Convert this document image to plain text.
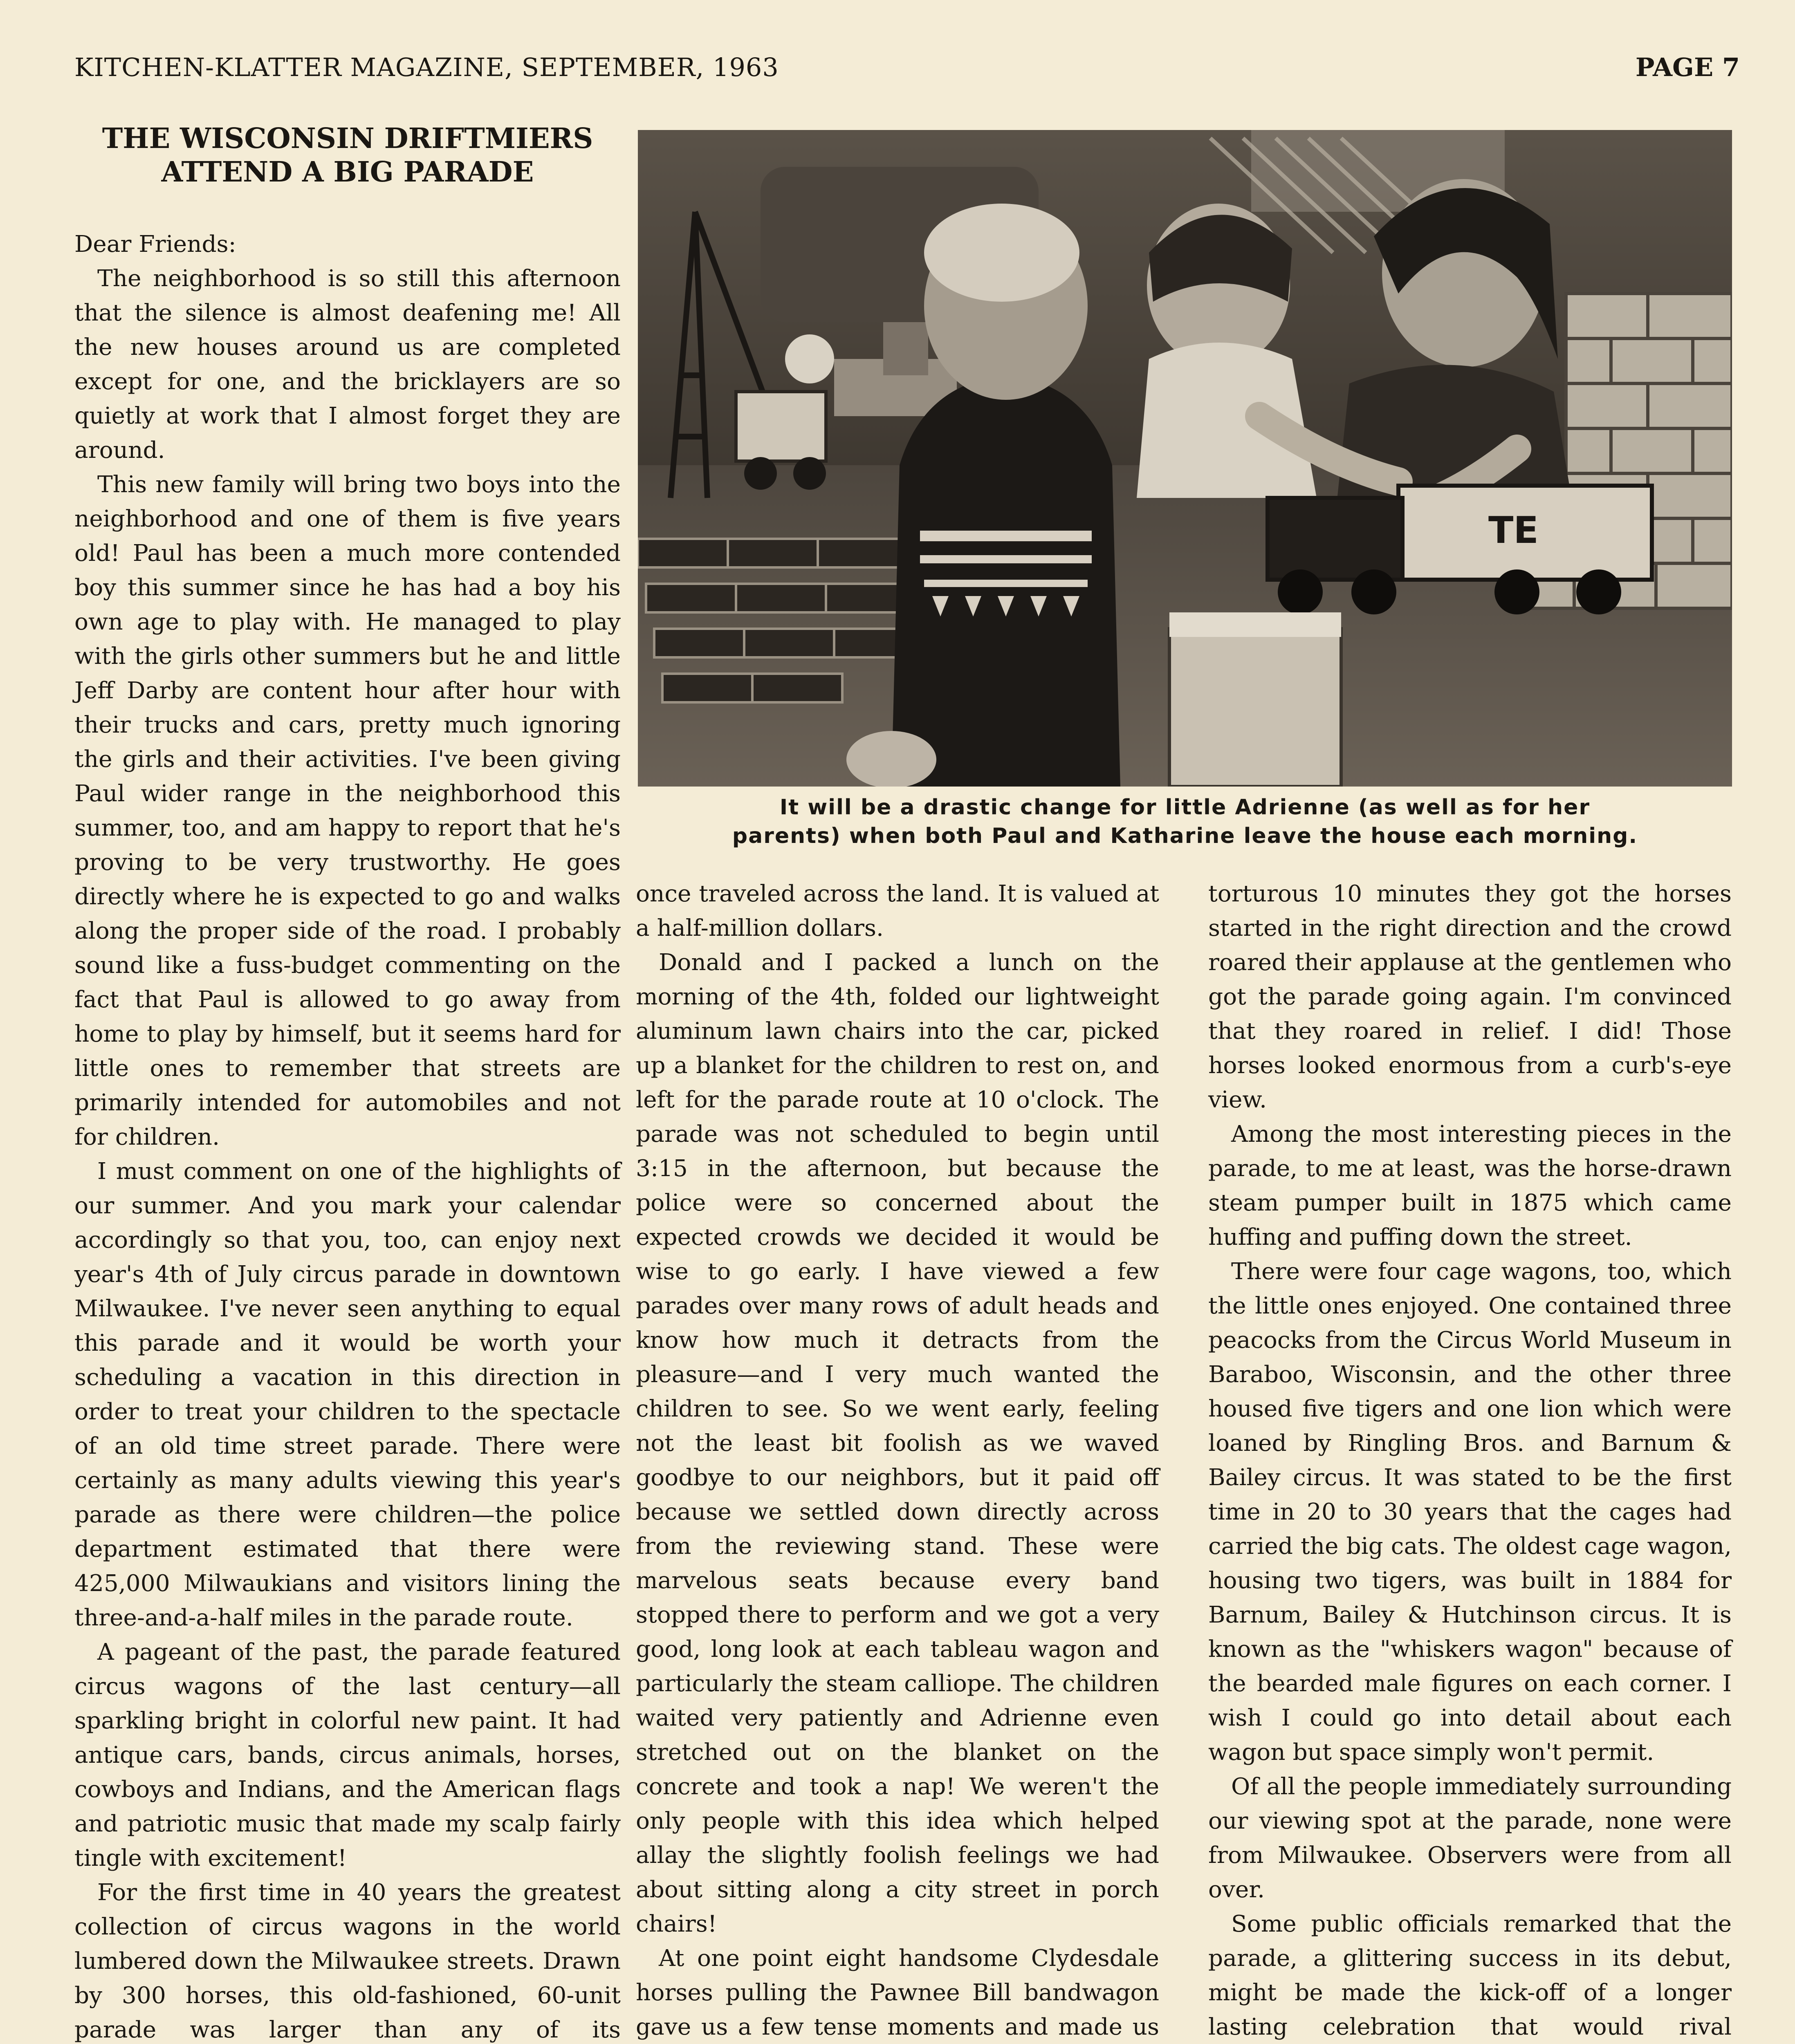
KITCHEN-KLATTER MAGAZINE, SEPTEMBER, 1963	PAGE 7
THE WISCONSIN DRIFTMIERS
ATTEND A BIG PARADE

Dear Friends:

The neighborhood is so still this afternoon that the silence is almost deafening me! All the new houses around us are completed except for one, and the bricklayers are so quietly at work that I almost forget they are around.

This new family will bring two boys into the neighborhood and one of them is five years old! Paul has been a much more contended boy this summer since he has had a boy his own age to play with. He managed to play with the girls other summers but he and little Jeff Darby are content hour after hour with their trucks and cars, pretty much ignoring the girls and their activities. I've been giving Paul wider range in the neighborhood this summer, too, and am happy to report that he's proving to be very trustworthy. He goes directly where he is expected to go and walks along the proper side of the road. I probably sound like a fuss-budget commenting on the fact that Paul is allowed to go away from home to play by himself, but it seems hard for little ones to remember that streets are primarily intended for automobiles and not for children.

I must comment on one of the highlights of our summer. And you mark your calendar accordingly so that you, too, can enjoy next year's 4th of July circus parade in downtown Milwaukee. I've never seen anything to equal this parade and it would be worth your scheduling a vacation in this direction in order to treat your children to the spectacle of an old time street parade. There were certainly as many adults viewing this year's parade as there were children—the police department estimated that there were 425,000 Milwaukians and visitors lining the three-and-a-half miles in the parade route.

A pageant of the past, the parade featured circus wagons of the last century—all sparkling bright in colorful new paint. It had antique cars, bands, circus animals, horses, cowboys and Indians, and the American flags and patriotic music that made my scalp fairly tingle with excitement!

For the first time in 40 years the greatest collection of circus wagons in the world lumbered down the Milwaukee streets. Drawn by 300 horses, this old-fashioned, 60-unit parade was larger than any of its

TE
It will be a drastic change for little Adrienne (as well as for her
parents) when both Paul and Katharine leave the house each morning.

once traveled across the land. It is valued at a half-million dollars.

Donald and I packed a lunch on the morning of the 4th, folded our lightweight aluminum lawn chairs into the car, picked up a blanket for the children to rest on, and left for the parade route at 10 o'clock. The parade was not scheduled to begin until 3:15 in the afternoon, but because the police were so concerned about the expected crowds we decided it would be wise to go early. I have viewed a few parades over many rows of adult heads and know how much it detracts from the pleasure—and I very much wanted the children to see. So we went early, feeling not the least bit foolish as we waved goodbye to our neighbors, but it paid off because we settled down directly across from the reviewing stand. These were marvelous seats because every band stopped there to perform and we got a very good, long look at each tableau wagon and particularly the steam calliope. The children waited very patiently and Adrienne even stretched out on the blanket on the concrete and took a nap! We weren't the only people with this idea which helped allay the slightly foolish feelings we had about sitting along a city street in porch chairs!

At one point eight handsome Clydesdale horses pulling the Pawnee Bill bandwagon gave us a few tense moments and made us

torturous 10 minutes they got the horses started in the right direction and the crowd roared their applause at the gentlemen who got the parade going again. I'm convinced that they roared in relief. I did! Those horses looked enormous from a curb's-eye view.

Among the most interesting pieces in the parade, to me at least, was the horse-drawn steam pumper built in 1875 which came huffing and puffing down the street.

There were four cage wagons, too, which the little ones enjoyed. One contained three peacocks from the Circus World Museum in Baraboo, Wisconsin, and the other three housed five tigers and one lion which were loaned by Ringling Bros. and Barnum & Bailey circus. It was stated to be the first time in 20 to 30 years that the cages had carried the big cats. The oldest cage wagon, housing two tigers, was built in 1884 for Barnum, Bailey & Hutchinson circus. It is known as the "whiskers wagon" because of the bearded male figures on each corner. I wish I could go into detail about each wagon but space simply won't permit.

Of all the people immediately surrounding our viewing spot at the parade, none were from Milwaukee. Observers were from all over.

Some public officials remarked that the parade, a glittering success in its debut, might be made the kick-off of a longer lasting celebration that would rival
